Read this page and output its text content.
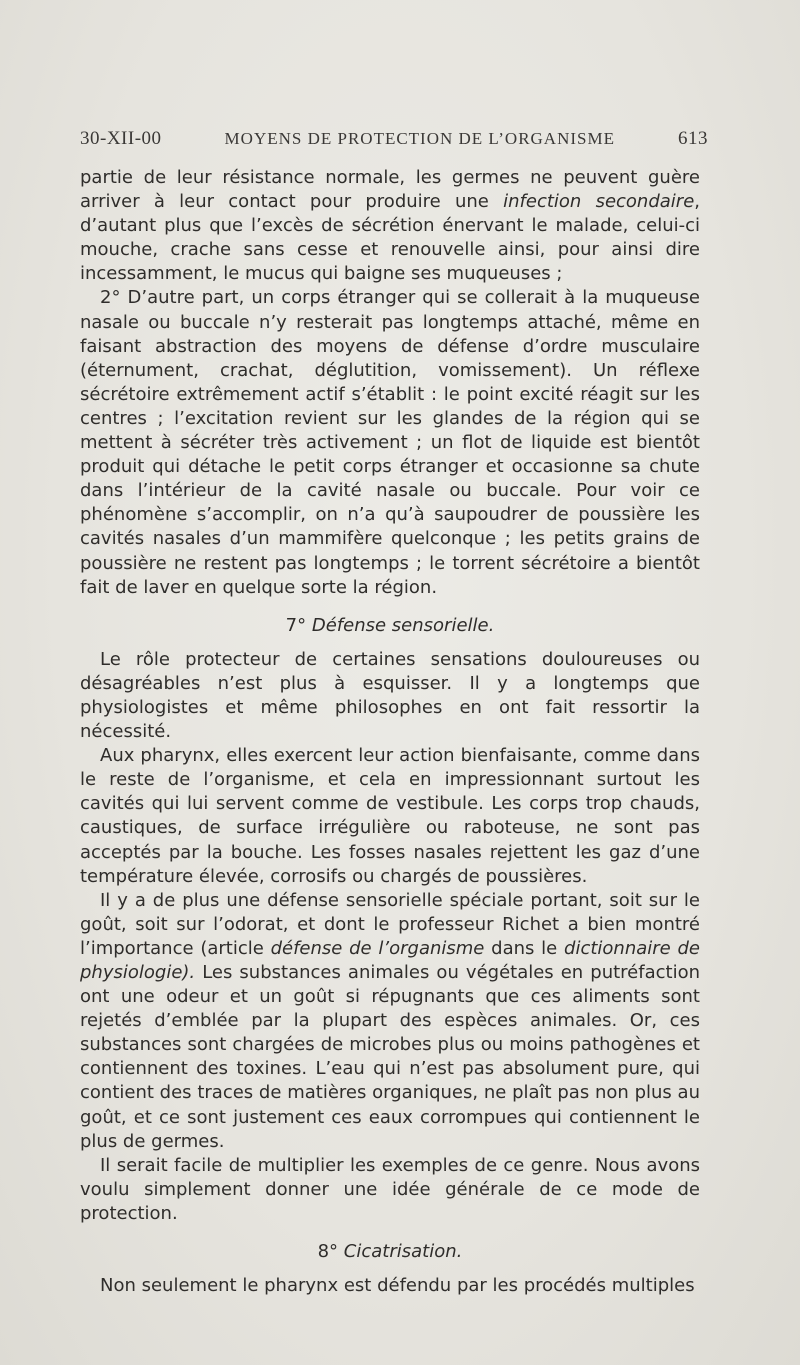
30-XII-00	MOYENS DE PROTECTION DE L’ORGANISME	613

partie de leur résistance normale, les germes ne peuvent guère arriver à leur contact pour produire une infection secondaire, d’autant plus que l’excès de sécrétion énervant le malade, celui-ci mouche, crache sans cesse et renouvelle ainsi, pour ainsi dire incessamment, le mucus qui baigne ses muqueuses ;

2° D’autre part, un corps étranger qui se collerait à la muqueuse nasale ou buccale n’y resterait pas longtemps attaché, même en faisant abstraction des moyens de défense d’ordre musculaire (éternument, crachat, déglutition, vomissement). Un réflexe sécrétoire extrêmement actif s’établit : le point excité réagit sur les centres ; l’excitation revient sur les glandes de la région qui se mettent à sécréter très activement ; un flot de liquide est bientôt produit qui détache le petit corps étranger et occasionne sa chute dans l’intérieur de la cavité nasale ou buccale. Pour voir ce phénomène s’accomplir, on n’a qu’à saupoudrer de poussière les cavités nasales d’un mammifère quelconque ; les petits grains de poussière ne restent pas longtemps ; le torrent sécrétoire a bientôt fait de laver en quelque sorte la région.

7° Défense sensorielle.

Le rôle protecteur de certaines sensations douloureuses ou désagréables n’est plus à esquisser. Il y a longtemps que physiologistes et même philosophes en ont fait ressortir la nécessité.

Aux pharynx, elles exercent leur action bienfaisante, comme dans le reste de l’organisme, et cela en impressionnant surtout les cavités qui lui servent comme de vestibule. Les corps trop chauds, caustiques, de surface irrégulière ou raboteuse, ne sont pas acceptés par la bouche. Les fosses nasales rejettent les gaz d’une température élevée, corrosifs ou chargés de poussières.

Il y a de plus une défense sensorielle spéciale portant, soit sur le goût, soit sur l’odorat, et dont le professeur Richet a bien montré l’importance (article défense de l’organisme dans le dictionnaire de physiologie). Les substances animales ou végétales en putréfaction ont une odeur et un goût si répugnants que ces aliments sont rejetés d’emblée par la plupart des espèces animales. Or, ces substances sont chargées de microbes plus ou moins pathogènes et contiennent des toxines. L’eau qui n’est pas absolument pure, qui contient des traces de matières organiques, ne plaît pas non plus au goût, et ce sont justement ces eaux corrompues qui contiennent le plus de germes.

Il serait facile de multiplier les exemples de ce genre. Nous avons voulu simplement donner une idée générale de ce mode de protection.

8° Cicatrisation.

Non seulement le pharynx est défendu par les procédés multiples
